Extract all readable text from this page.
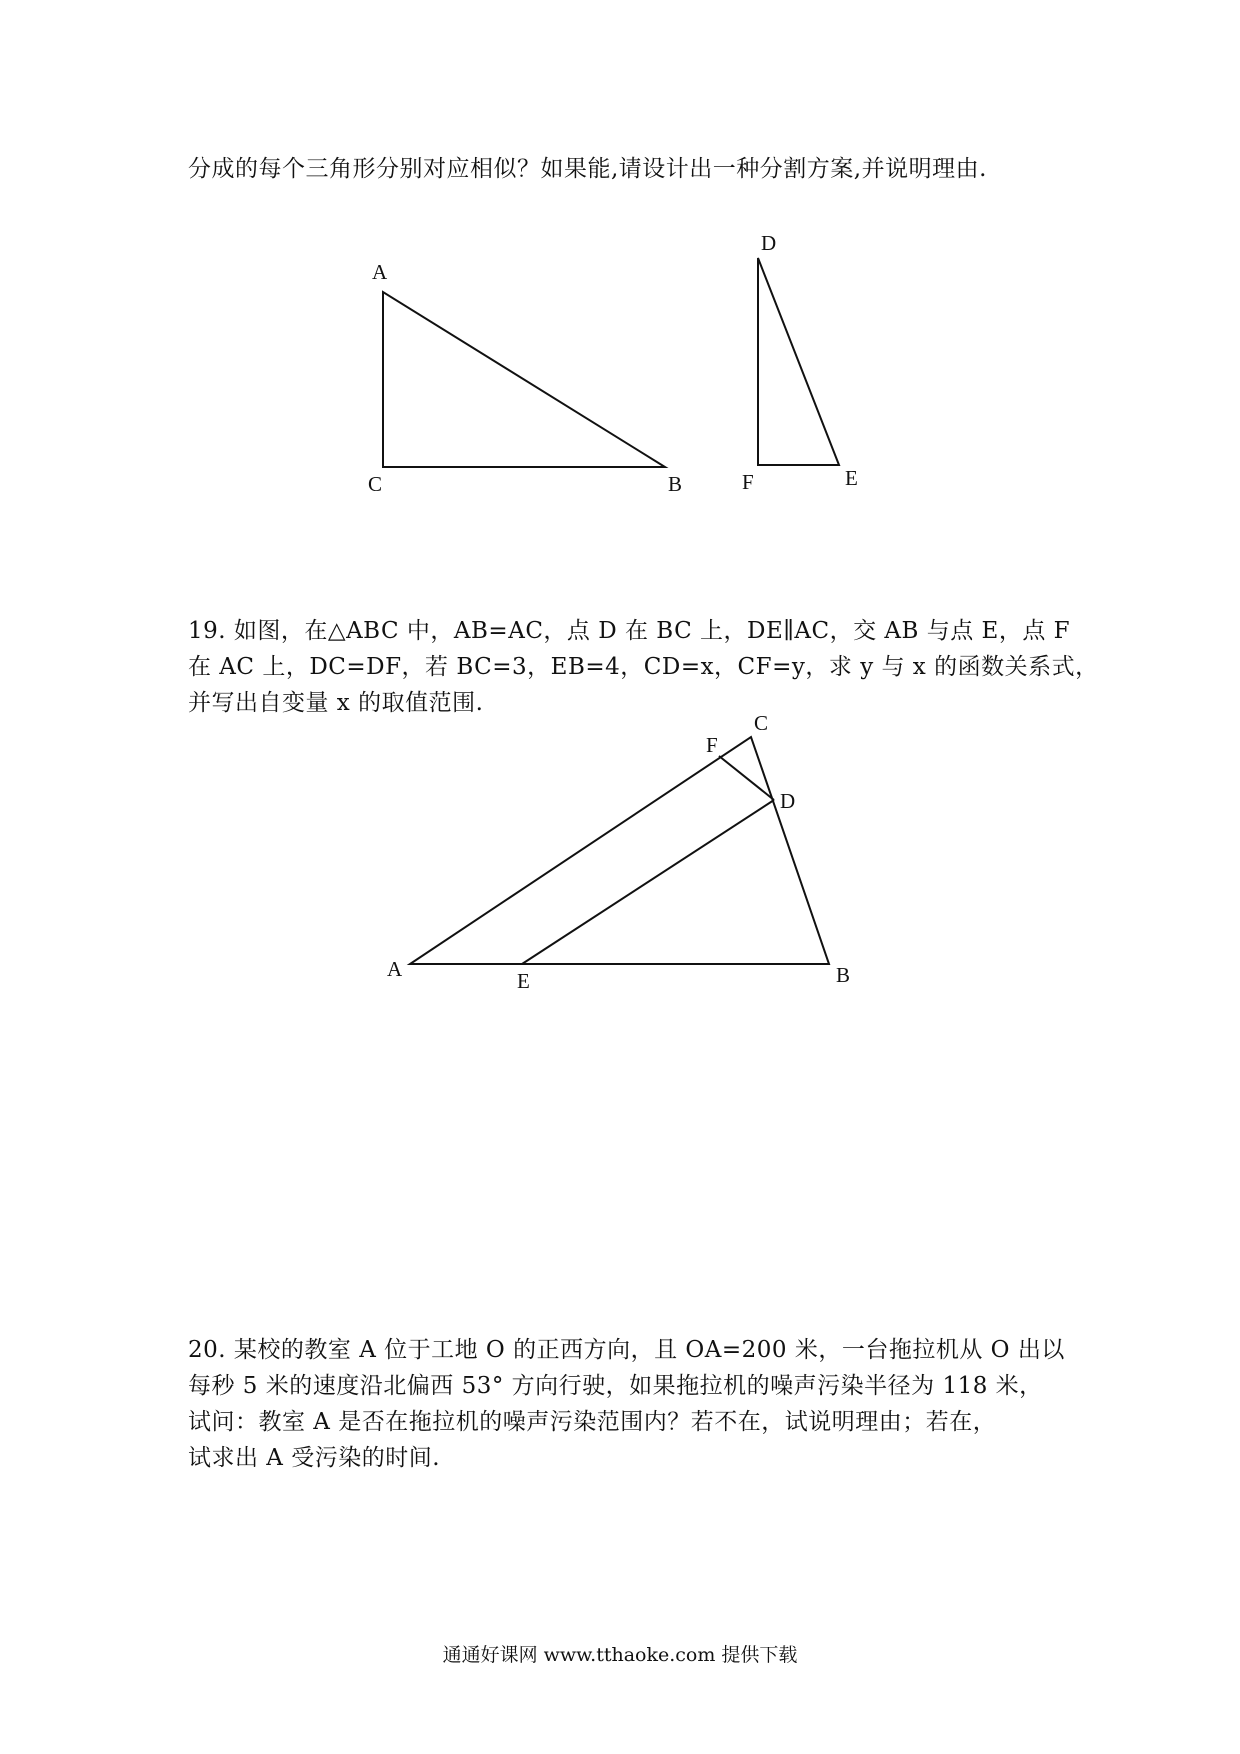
分成的每个三角形分别对应相似？如果能,请设计出一种分割方案,并说明理由.

A
C	B
D
F	E

19. 如图，在△ABC 中，AB=AC，点 D 在 BC 上，DE∥AC，交 AB 与点 E，点 F

在 AC 上，DC=DF，若 BC=3，EB=4，CD=x，CF=y，求 y 与 x 的函数关系式，

并写出自变量 x 的取值范围.

A	E	B
D
F
C

20. 某校的教室 A 位于工地 O 的正西方向，且 OA=200 米，一台拖拉机从 O 出以

每秒 5 米的速度沿北偏西 53° 方向行驶，如果拖拉机的噪声污染半径为 118 米，

试问：教室 A 是否在拖拉机的噪声污染范围内？若不在，试说明理由；若在，

试求出 A 受污染的时间.

通通好课网 www.tthaoke.com 提供下载
